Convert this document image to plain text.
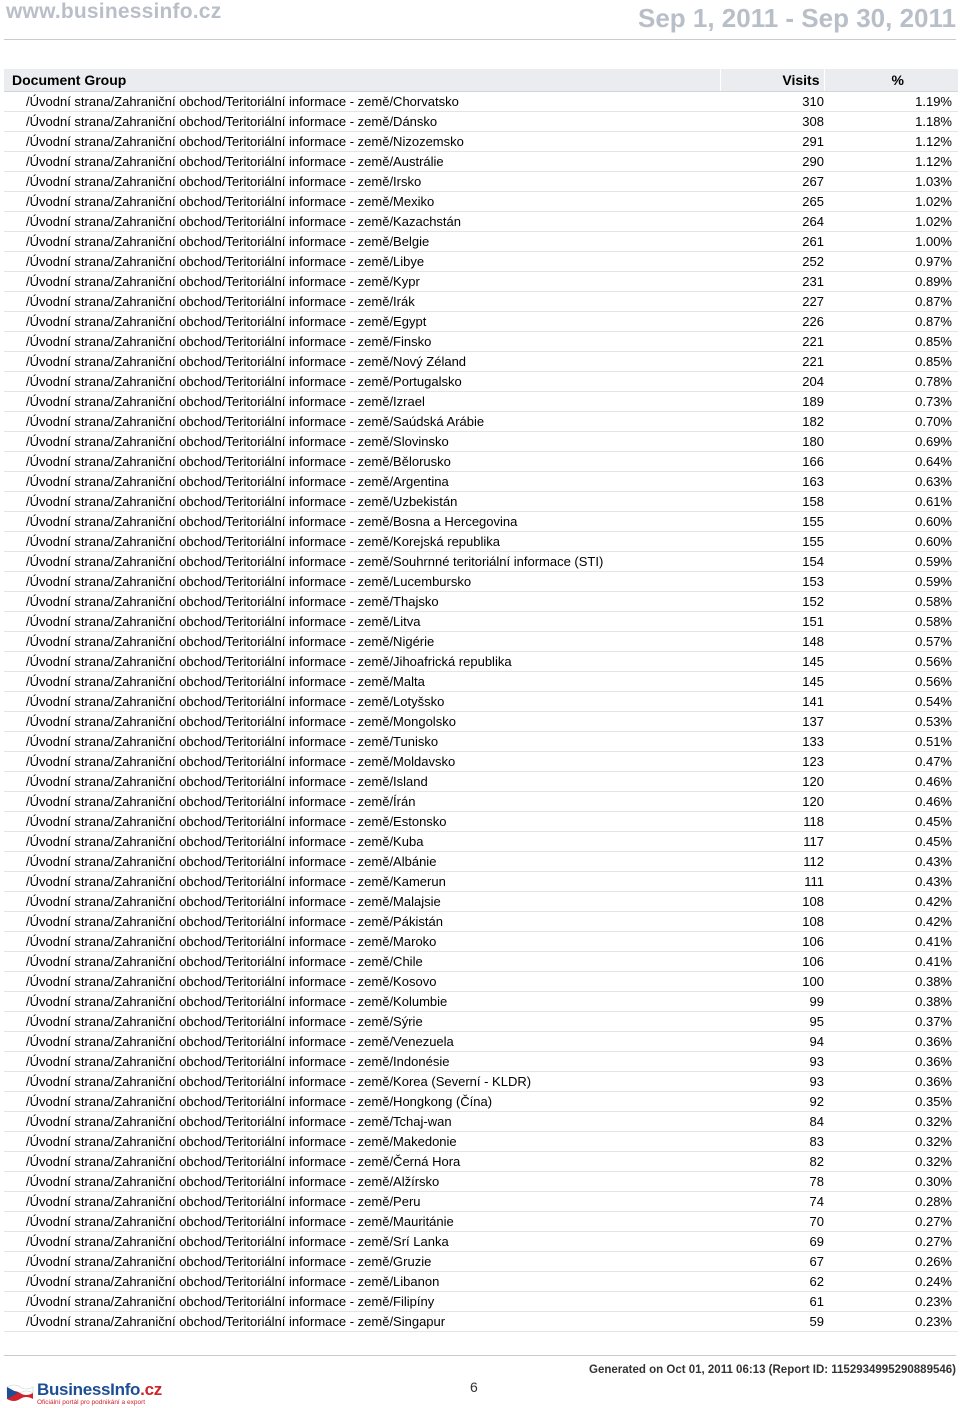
www.businessinfo.cz	Sep 1, 2011 - Sep 30, 2011
Document Group	Visits	%
/Úvodní strana/Zahraniční obchod/Teritoriální informace - země/Chorvatsko	310	1.19%
/Úvodní strana/Zahraniční obchod/Teritoriální informace - země/Dánsko	308	1.18%
/Úvodní strana/Zahraniční obchod/Teritoriální informace - země/Nizozemsko	291	1.12%
/Úvodní strana/Zahraniční obchod/Teritoriální informace - země/Austrálie	290	1.12%
/Úvodní strana/Zahraniční obchod/Teritoriální informace - země/Irsko	267	1.03%
/Úvodní strana/Zahraniční obchod/Teritoriální informace - země/Mexiko	265	1.02%
/Úvodní strana/Zahraniční obchod/Teritoriální informace - země/Kazachstán	264	1.02%
/Úvodní strana/Zahraniční obchod/Teritoriální informace - země/Belgie	261	1.00%
/Úvodní strana/Zahraniční obchod/Teritoriální informace - země/Libye	252	0.97%
/Úvodní strana/Zahraniční obchod/Teritoriální informace - země/Kypr	231	0.89%
/Úvodní strana/Zahraniční obchod/Teritoriální informace - země/Irák	227	0.87%
/Úvodní strana/Zahraniční obchod/Teritoriální informace - země/Egypt	226	0.87%
/Úvodní strana/Zahraniční obchod/Teritoriální informace - země/Finsko	221	0.85%
/Úvodní strana/Zahraniční obchod/Teritoriální informace - země/Nový Zéland	221	0.85%
/Úvodní strana/Zahraniční obchod/Teritoriální informace - země/Portugalsko	204	0.78%
/Úvodní strana/Zahraniční obchod/Teritoriální informace - země/Izrael	189	0.73%
/Úvodní strana/Zahraniční obchod/Teritoriální informace - země/Saúdská Arábie	182	0.70%
/Úvodní strana/Zahraniční obchod/Teritoriální informace - země/Slovinsko	180	0.69%
/Úvodní strana/Zahraniční obchod/Teritoriální informace - země/Bělorusko	166	0.64%
/Úvodní strana/Zahraniční obchod/Teritoriální informace - země/Argentina	163	0.63%
/Úvodní strana/Zahraniční obchod/Teritoriální informace - země/Uzbekistán	158	0.61%
/Úvodní strana/Zahraniční obchod/Teritoriální informace - země/Bosna a Hercegovina	155	0.60%
/Úvodní strana/Zahraniční obchod/Teritoriální informace - země/Korejská republika	155	0.60%
/Úvodní strana/Zahraniční obchod/Teritoriální informace - země/Souhrnné teritoriální informace (STI)	154	0.59%
/Úvodní strana/Zahraniční obchod/Teritoriální informace - země/Lucembursko	153	0.59%
/Úvodní strana/Zahraniční obchod/Teritoriální informace - země/Thajsko	152	0.58%
/Úvodní strana/Zahraniční obchod/Teritoriální informace - země/Litva	151	0.58%
/Úvodní strana/Zahraniční obchod/Teritoriální informace - země/Nigérie	148	0.57%
/Úvodní strana/Zahraniční obchod/Teritoriální informace - země/Jihoafrická republika	145	0.56%
/Úvodní strana/Zahraniční obchod/Teritoriální informace - země/Malta	145	0.56%
/Úvodní strana/Zahraniční obchod/Teritoriální informace - země/Lotyšsko	141	0.54%
/Úvodní strana/Zahraniční obchod/Teritoriální informace - země/Mongolsko	137	0.53%
/Úvodní strana/Zahraniční obchod/Teritoriální informace - země/Tunisko	133	0.51%
/Úvodní strana/Zahraniční obchod/Teritoriální informace - země/Moldavsko	123	0.47%
/Úvodní strana/Zahraniční obchod/Teritoriální informace - země/Island	120	0.46%
/Úvodní strana/Zahraniční obchod/Teritoriální informace - země/Írán	120	0.46%
/Úvodní strana/Zahraniční obchod/Teritoriální informace - země/Estonsko	118	0.45%
/Úvodní strana/Zahraniční obchod/Teritoriální informace - země/Kuba	117	0.45%
/Úvodní strana/Zahraniční obchod/Teritoriální informace - země/Albánie	112	0.43%
/Úvodní strana/Zahraniční obchod/Teritoriální informace - země/Kamerun	111	0.43%
/Úvodní strana/Zahraniční obchod/Teritoriální informace - země/Malajsie	108	0.42%
/Úvodní strana/Zahraniční obchod/Teritoriální informace - země/Pákistán	108	0.42%
/Úvodní strana/Zahraniční obchod/Teritoriální informace - země/Maroko	106	0.41%
/Úvodní strana/Zahraniční obchod/Teritoriální informace - země/Chile	106	0.41%
/Úvodní strana/Zahraniční obchod/Teritoriální informace - země/Kosovo	100	0.38%
/Úvodní strana/Zahraniční obchod/Teritoriální informace - země/Kolumbie	99	0.38%
/Úvodní strana/Zahraniční obchod/Teritoriální informace - země/Sýrie	95	0.37%
/Úvodní strana/Zahraniční obchod/Teritoriální informace - země/Venezuela	94	0.36%
/Úvodní strana/Zahraniční obchod/Teritoriální informace - země/Indonésie	93	0.36%
/Úvodní strana/Zahraniční obchod/Teritoriální informace - země/Korea (Severní - KLDR)	93	0.36%
/Úvodní strana/Zahraniční obchod/Teritoriální informace - země/Hongkong (Čína)	92	0.35%
/Úvodní strana/Zahraniční obchod/Teritoriální informace - země/Tchaj-wan	84	0.32%
/Úvodní strana/Zahraniční obchod/Teritoriální informace - země/Makedonie	83	0.32%
/Úvodní strana/Zahraniční obchod/Teritoriální informace - země/Černá Hora	82	0.32%
/Úvodní strana/Zahraniční obchod/Teritoriální informace - země/Alžírsko	78	0.30%
/Úvodní strana/Zahraniční obchod/Teritoriální informace - země/Peru	74	0.28%
/Úvodní strana/Zahraniční obchod/Teritoriální informace - země/Mauritánie	70	0.27%
/Úvodní strana/Zahraniční obchod/Teritoriální informace - země/Srí Lanka	69	0.27%
/Úvodní strana/Zahraniční obchod/Teritoriální informace - země/Gruzie	67	0.26%
/Úvodní strana/Zahraniční obchod/Teritoriální informace - země/Libanon	62	0.24%
/Úvodní strana/Zahraniční obchod/Teritoriální informace - země/Filipíny	61	0.23%
/Úvodní strana/Zahraniční obchod/Teritoriální informace - země/Singapur	59	0.23%
BusinessInfo.cz
Oficiální portál pro podnikání a export
6
Generated on Oct 01, 2011 06:13 (Report ID: 1152934995290889546)
